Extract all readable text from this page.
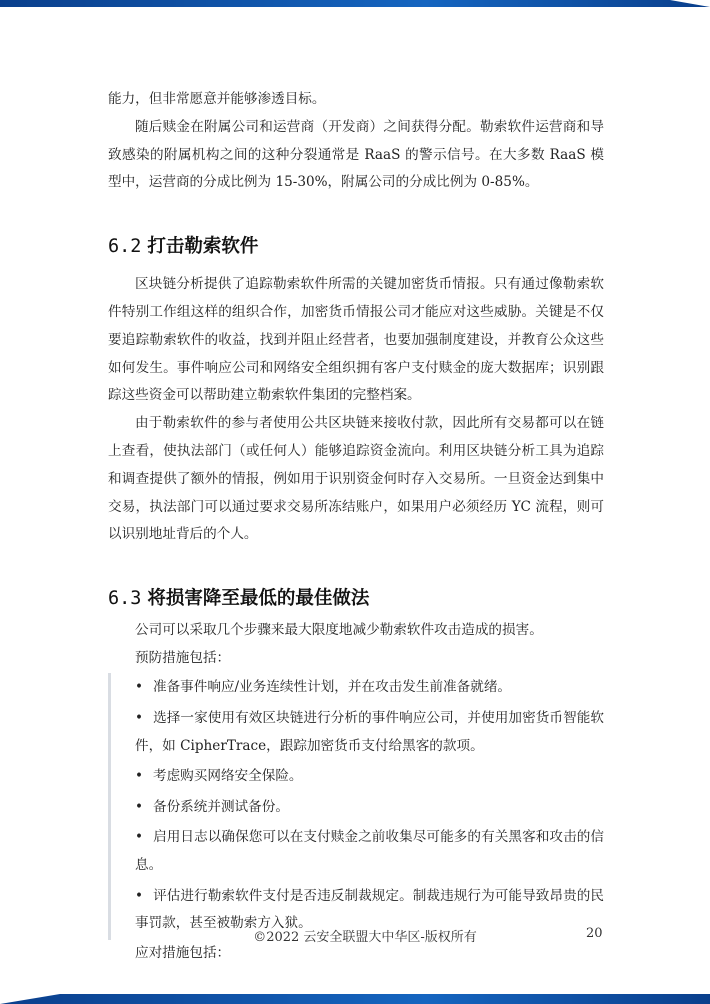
能力，但非常愿意并能够渗透目标。

随后赎金在附属公司和运营商（开发商）之间获得分配。勒索软件运营商和导致感染的附属机构之间的这种分裂通常是 RaaS 的警示信号。在大多数 RaaS 模型中，运营商的分成比例为 15-30%，附属公司的分成比例为 0-85%。

6.2 打击勒索软件

区块链分析提供了追踪勒索软件所需的关键加密货币情报。只有通过像勒索软件特别工作组这样的组织合作，加密货币情报公司才能应对这些威胁。关键是不仅要追踪勒索软件的收益，找到并阻止经营者，也要加强制度建设，并教育公众这些如何发生。事件响应公司和网络安全组织拥有客户支付赎金的庞大数据库；识别跟踪这些资金可以帮助建立勒索软件集团的完整档案。

由于勒索软件的参与者使用公共区块链来接收付款，因此所有交易都可以在链上查看，使执法部门（或任何人）能够追踪资金流向。利用区块链分析工具为追踪和调查提供了额外的情报，例如用于识别资金何时存入交易所。一旦资金达到集中交易，执法部门可以通过要求交易所冻结账户，如果用户必须经历 YC 流程，则可以识别地址背后的个人。

6.3 将损害降至最低的最佳做法

公司可以采取几个步骤来最大限度地减少勒索软件攻击造成的损害。

预防措施包括：

• 准备事件响应/业务连续性计划，并在攻击发生前准备就绪。
• 选择一家使用有效区块链进行分析的事件响应公司，并使用加密货币智能软件，如 CipherTrace，跟踪加密货币支付给黑客的款项。
• 考虑购买网络安全保险。
• 备份系统并测试备份。
• 启用日志以确保您可以在支付赎金之前收集尽可能多的有关黑客和攻击的信息。
• 评估进行勒索软件支付是否违反制裁规定。制裁违规行为可能导致昂贵的民事罚款，甚至被勒索方入狱。

应对措施包括：

©2022 云安全联盟大中华区-版权所有	20
